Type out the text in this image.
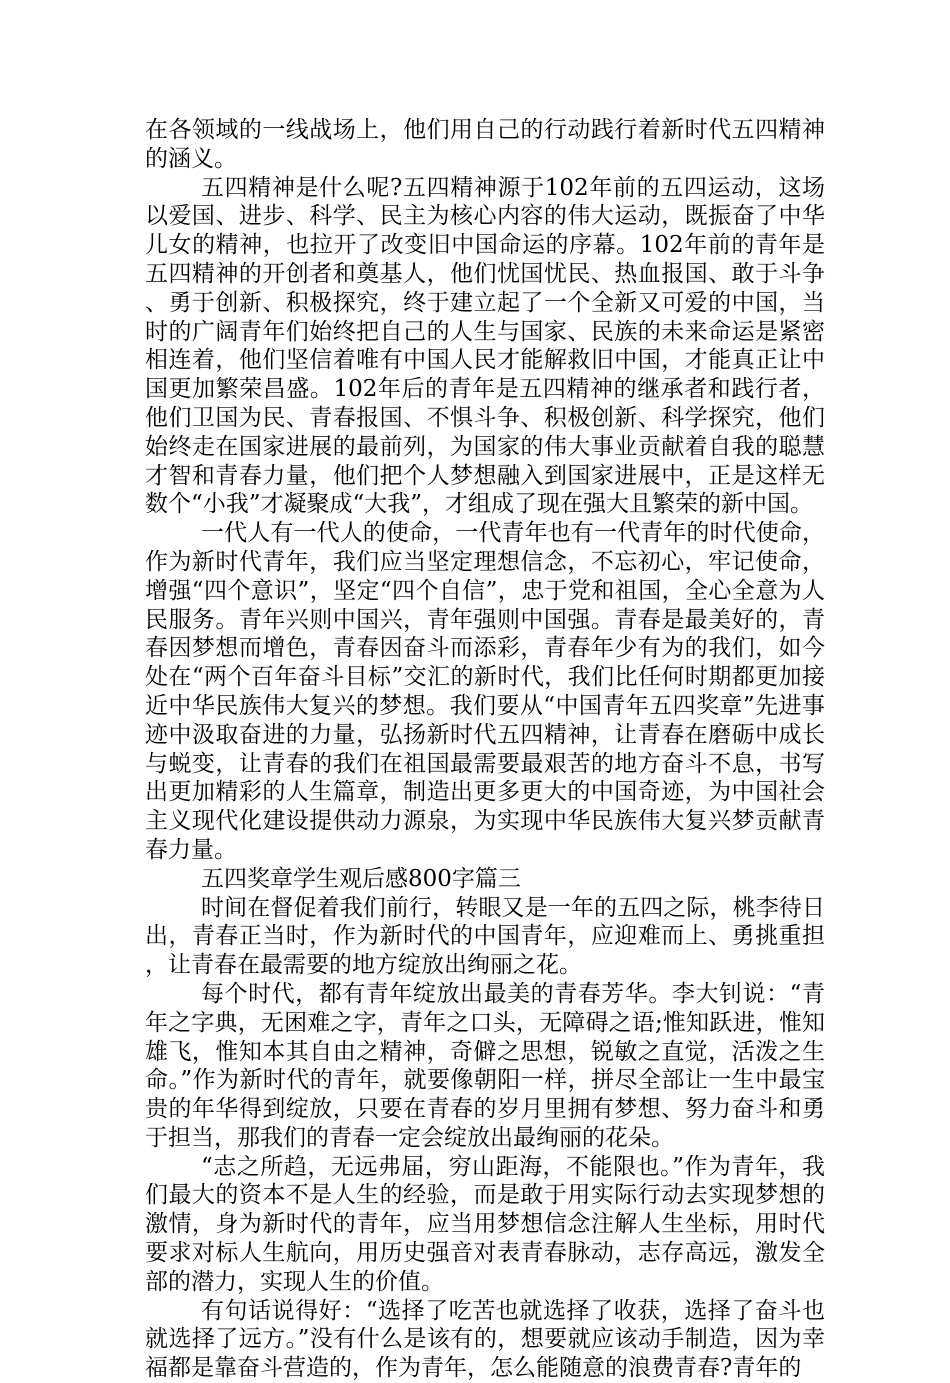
在各领域的一线战场上，他们用自己的行动践行着新时代五四精神的涵义。

五四精神是什么呢?五四精神源于102年前的五四运动，这场以爱国、进步、科学、民主为核心内容的伟大运动，既振奋了中华儿女的精神，也拉开了改变旧中国命运的序幕。102年前的青年是五四精神的开创者和奠基人，他们忧国忧民、热血报国、敢于斗争、勇于创新、积极探究，终于建立起了一个全新又可爱的中国，当时的广阔青年们始终把自己的人生与国家、民族的未来命运是紧密相连着，他们坚信着唯有中国人民才能解救旧中国，才能真正让中国更加繁荣昌盛。102年后的青年是五四精神的继承者和践行者，他们卫国为民、青春报国、不惧斗争、积极创新、科学探究，他们始终走在国家进展的最前列，为国家的伟大事业贡献着自我的聪慧才智和青春力量，他们把个人梦想融入到国家进展中，正是这样无数个“小我”才凝聚成“大我”，才组成了现在强大且繁荣的新中国。

一代人有一代人的使命，一代青年也有一代青年的时代使命，作为新时代青年，我们应当坚定理想信念，不忘初心，牢记使命，增强“四个意识”，坚定“四个自信”，忠于党和祖国，全心全意为人民服务。青年兴则中国兴，青年强则中国强。青春是最美好的，青春因梦想而增色，青春因奋斗而添彩，青春年少有为的我们，如今处在“两个百年奋斗目标”交汇的新时代，我们比任何时期都更加接近中华民族伟大复兴的梦想。我们要从“中国青年五四奖章”先进事迹中汲取奋进的力量，弘扬新时代五四精神，让青春在磨砺中成长与蜕变，让青春的我们在祖国最需要最艰苦的地方奋斗不息，书写出更加精彩的人生篇章，制造出更多更大的中国奇迹，为中国社会主义现代化建设提供动力源泉，为实现中华民族伟大复兴梦贡献青春力量。

五四奖章学生观后感800字篇三

时间在督促着我们前行，转眼又是一年的五四之际，桃李待日出，青春正当时，作为新时代的中国青年，应迎难而上、勇挑重担，让青春在最需要的地方绽放出绚丽之花。

每个时代，都有青年绽放出最美的青春芳华。李大钊说：“青年之字典，无困难之字，青年之口头，无障碍之语;惟知跃进，惟知雄飞，惟知本其自由之精神，奇僻之思想，锐敏之直觉，活泼之生命。”作为新时代的青年，就要像朝阳一样，拼尽全部让一生中最宝贵的年华得到绽放，只要在青春的岁月里拥有梦想、努力奋斗和勇于担当，那我们的青春一定会绽放出最绚丽的花朵。

“志之所趋，无远弗届，穷山距海，不能限也。”作为青年，我们最大的资本不是人生的经验，而是敢于用实际行动去实现梦想的激情，身为新时代的青年，应当用梦想信念注解人生坐标，用时代要求对标人生航向，用历史强音对表青春脉动，志存高远，激发全部的潜力，实现人生的价值。

有句话说得好：“选择了吃苦也就选择了收获，选择了奋斗也就选择了远方。”没有什么是该有的，想要就应该动手制造，因为幸福都是靠奋斗营造的，作为青年，怎么能随意的浪费青春?青年的
